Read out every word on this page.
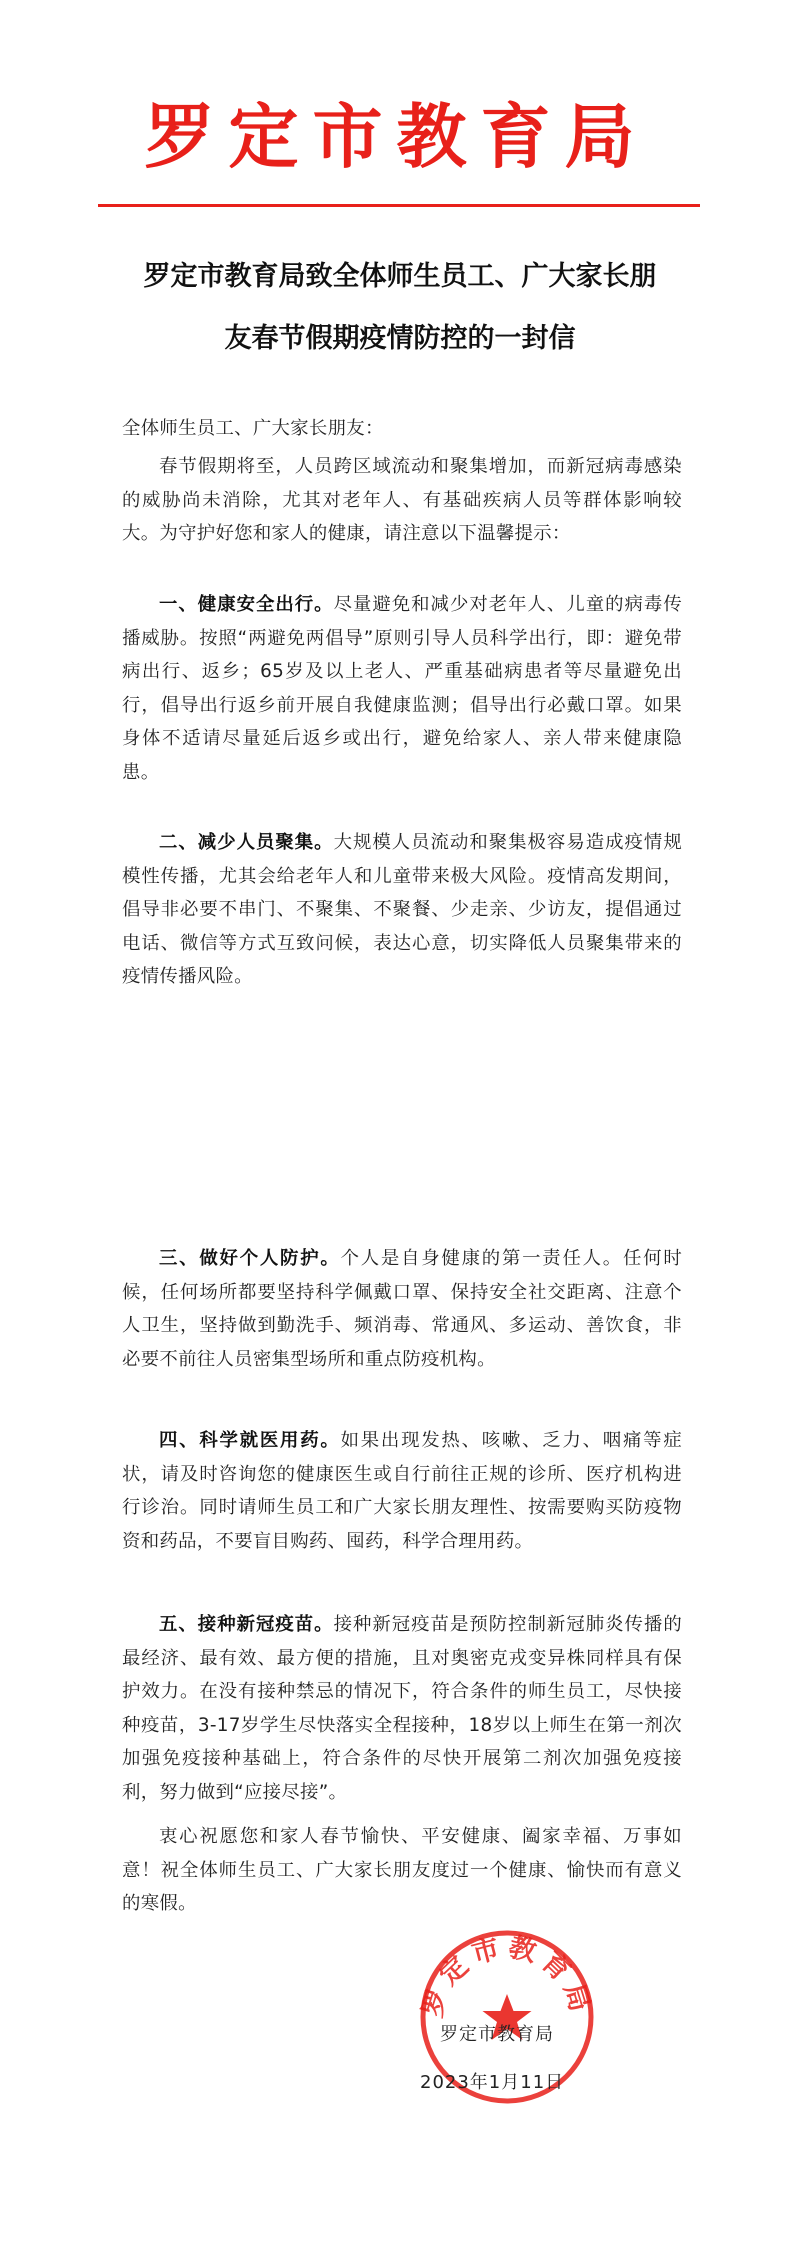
罗定市教育局
罗定市教育局致全体师生员工、广大家长朋
友春节假期疫情防控的一封信
全体师生员工、广大家长朋友：
春节假期将至，人员跨区域流动和聚集增加，而新冠病毒感染的威胁尚未消除，尤其对老年人、有基础疾病人员等群体影响较大。为守护好您和家人的健康，请注意以下温馨提示：
一、健康安全出行。尽量避免和减少对老年人、儿童的病毒传播威胁。按照“两避免两倡导”原则引导人员科学出行，即：避免带病出行、返乡；65岁及以上老人、严重基础病患者等尽量避免出行，倡导出行返乡前开展自我健康监测；倡导出行必戴口罩。如果身体不适请尽量延后返乡或出行，避免给家人、亲人带来健康隐患。
二、减少人员聚集。大规模人员流动和聚集极容易造成疫情规模性传播，尤其会给老年人和儿童带来极大风险。疫情高发期间，倡导非必要不串门、不聚集、不聚餐、少走亲、少访友，提倡通过电话、微信等方式互致问候，表达心意，切实降低人员聚集带来的疫情传播风险。
三、做好个人防护。个人是自身健康的第一责任人。任何时候，任何场所都要坚持科学佩戴口罩、保持安全社交距离、注意个人卫生，坚持做到勤洗手、频消毒、常通风、多运动、善饮食，非必要不前往人员密集型场所和重点防疫机构。
四、科学就医用药。如果出现发热、咳嗽、乏力、咽痛等症状，请及时咨询您的健康医生或自行前往正规的诊所、医疗机构进行诊治。同时请师生员工和广大家长朋友理性、按需要购买防疫物资和药品，不要盲目购药、囤药，科学合理用药。
五、接种新冠疫苗。接种新冠疫苗是预防控制新冠肺炎传播的最经济、最有效、最方便的措施，且对奥密克戎变异株同样具有保护效力。在没有接种禁忌的情况下，符合条件的师生员工，尽快接种疫苗，3-17岁学生尽快落实全程接种，18岁以上师生在第一剂次加强免疫接种基础上，符合条件的尽快开展第二剂次加强免疫接利，努力做到“应接尽接”。
衷心祝愿您和家人春节愉快、平安健康、阖家幸福、万事如意！祝全体师生员工、广大家长朋友度过一个健康、愉快而有意义的寒假。
罗定市教育局
罗定市教育局
2023年1月11日
